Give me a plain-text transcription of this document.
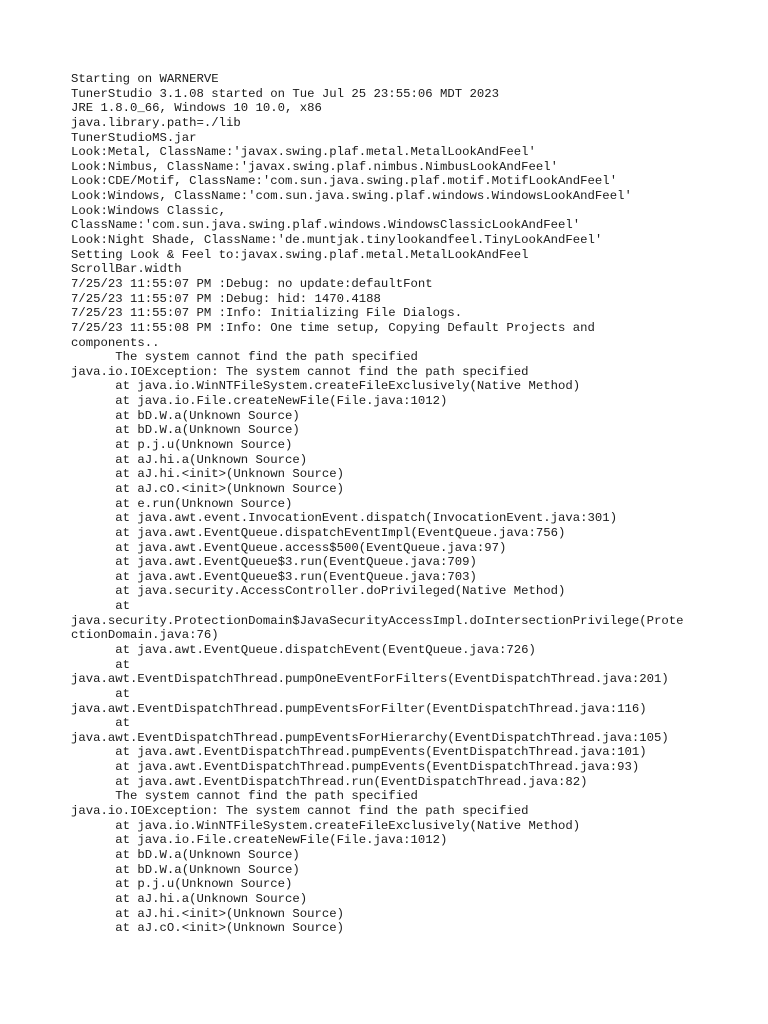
Starting on WARNERVE
TunerStudio 3.1.08 started on Tue Jul 25 23:55:06 MDT 2023
JRE 1.8.0_66, Windows 10 10.0, x86
java.library.path=./lib
TunerStudioMS.jar
Look:Metal, ClassName:'javax.swing.plaf.metal.MetalLookAndFeel'
Look:Nimbus, ClassName:'javax.swing.plaf.nimbus.NimbusLookAndFeel'
Look:CDE/Motif, ClassName:'com.sun.java.swing.plaf.motif.MotifLookAndFeel'
Look:Windows, ClassName:'com.sun.java.swing.plaf.windows.WindowsLookAndFeel'
Look:Windows Classic,
ClassName:'com.sun.java.swing.plaf.windows.WindowsClassicLookAndFeel'
Look:Night Shade, ClassName:'de.muntjak.tinylookandfeel.TinyLookAndFeel'
Setting Look & Feel to:javax.swing.plaf.metal.MetalLookAndFeel
ScrollBar.width
7/25/23 11:55:07 PM :Debug: no update:defaultFont
7/25/23 11:55:07 PM :Debug: hid: 1470.4188
7/25/23 11:55:07 PM :Info: Initializing File Dialogs.
7/25/23 11:55:08 PM :Info: One time setup, Copying Default Projects and
components..
The system cannot find the path specified
java.io.IOException: The system cannot find the path specified
at java.io.WinNTFileSystem.createFileExclusively(Native Method)
at java.io.File.createNewFile(File.java:1012)
at bD.W.a(Unknown Source)
at bD.W.a(Unknown Source)
at p.j.u(Unknown Source)
at aJ.hi.a(Unknown Source)
at aJ.hi.<init>(Unknown Source)
at aJ.cO.<init>(Unknown Source)
at e.run(Unknown Source)
at java.awt.event.InvocationEvent.dispatch(InvocationEvent.java:301)
at java.awt.EventQueue.dispatchEventImpl(EventQueue.java:756)
at java.awt.EventQueue.access$500(EventQueue.java:97)
at java.awt.EventQueue$3.run(EventQueue.java:709)
at java.awt.EventQueue$3.run(EventQueue.java:703)
at java.security.AccessController.doPrivileged(Native Method)
at
java.security.ProtectionDomain$JavaSecurityAccessImpl.doIntersectionPrivilege(Prote
ctionDomain.java:76)
at java.awt.EventQueue.dispatchEvent(EventQueue.java:726)
at
java.awt.EventDispatchThread.pumpOneEventForFilters(EventDispatchThread.java:201)
at
java.awt.EventDispatchThread.pumpEventsForFilter(EventDispatchThread.java:116)
at
java.awt.EventDispatchThread.pumpEventsForHierarchy(EventDispatchThread.java:105)
at java.awt.EventDispatchThread.pumpEvents(EventDispatchThread.java:101)
at java.awt.EventDispatchThread.pumpEvents(EventDispatchThread.java:93)
at java.awt.EventDispatchThread.run(EventDispatchThread.java:82)
The system cannot find the path specified
java.io.IOException: The system cannot find the path specified
at java.io.WinNTFileSystem.createFileExclusively(Native Method)
at java.io.File.createNewFile(File.java:1012)
at bD.W.a(Unknown Source)
at bD.W.a(Unknown Source)
at p.j.u(Unknown Source)
at aJ.hi.a(Unknown Source)
at aJ.hi.<init>(Unknown Source)
at aJ.cO.<init>(Unknown Source)
